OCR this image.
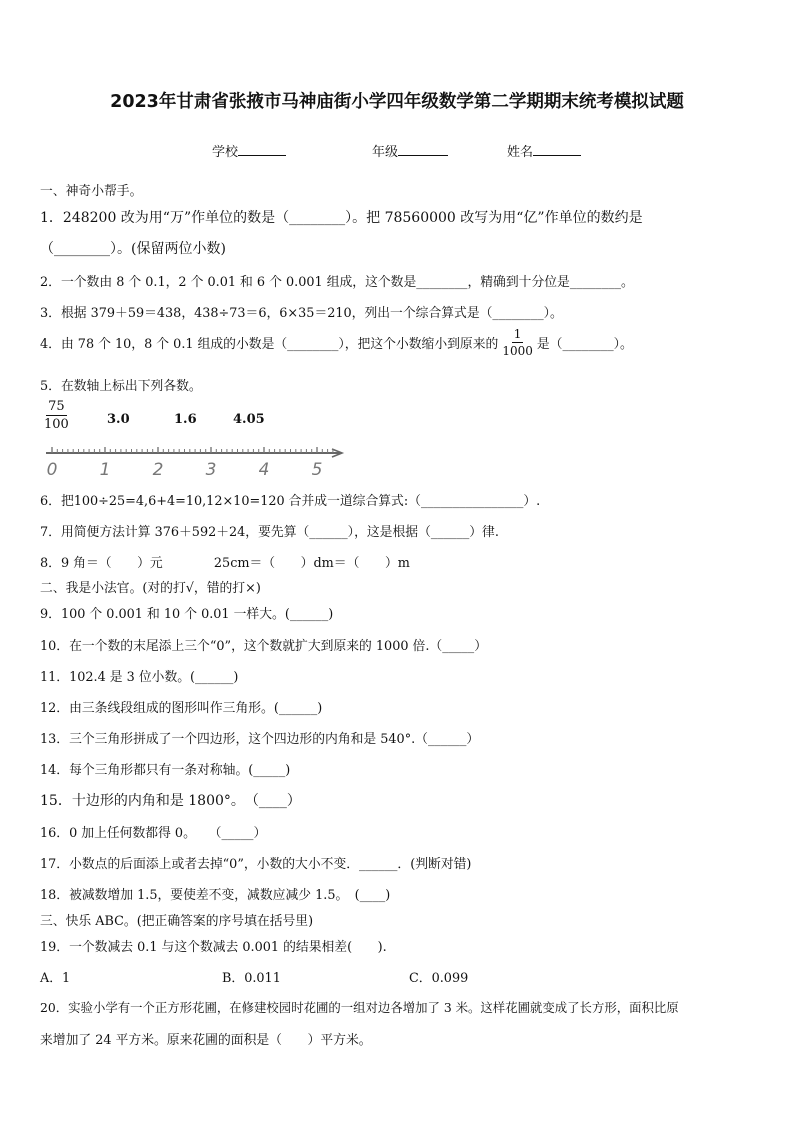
2023年甘肃省张掖市马神庙街小学四年级数学第二学期期末统考模拟试题
学校	年级	姓名
一、神奇小帮手。
1．248200 改为用“万”作单位的数是（________）。把 78560000 改写为用“亿”作单位的数约是
（________）。(保留两位小数)
2．一个数由 8 个 0.1，2 个 0.01 和 6 个 0.001 组成，这个数是________，精确到十分位是________。
3．根据 379＋59＝438，438÷73＝6，6×35＝210，列出一个综合算式是（________）。
4．由 78 个 10，8 个 0.1 组成的小数是（________），把这个小数缩小到原来的 $\frac{1}{1000}$ 是（________）。
5．在数轴上标出下列各数。
$\frac{75}{100}$	3.0	1.6	4.05
0 1 2 3 4 5
6．把100÷25=4,6+4=10,12×10=120 合并成一道综合算式:（________________）.
7．用简便方法计算 376＋592＋24，要先算（______），这是根据（______）律.
8．9 角＝（　　）元　　　　25cm＝（　　）dm＝（　　）m
二、我是小法官。(对的打√，错的打×)
9．100 个 0.001 和 10 个 0.01 一样大。(______)
10．在一个数的末尾添上三个“0”，这个数就扩大到原来的 1000 倍.（_____）
11．102.4 是 3 位小数。(______)
12．由三条线段组成的图形叫作三角形。(______)
13．三个三角形拼成了一个四边形，这个四边形的内角和是 540°.（______）
14．每个三角形都只有一条对称轴。(_____)
15．十边形的内角和是 1800°。　（____）
16．0 加上任何数都得 0。　　（_____）
17．小数点的后面添上或者去掉“0”，小数的大小不变．______．(判断对错)
18．被减数增加 1.5，要使差不变，减数应减少 1.5。　(____)
三、快乐 ABC。(把正确答案的序号填在括号里)
19．一个数减去 0.1 与这个数减去 0.001 的结果相差(　　).
A．1	B．0.011	C．0.099
20．实验小学有一个正方形花圃，在修建校园时花圃的一组对边各增加了 3 米。这样花圃就变成了长方形，面积比原
来增加了 24 平方米。原来花圃的面积是（　　）平方米。
